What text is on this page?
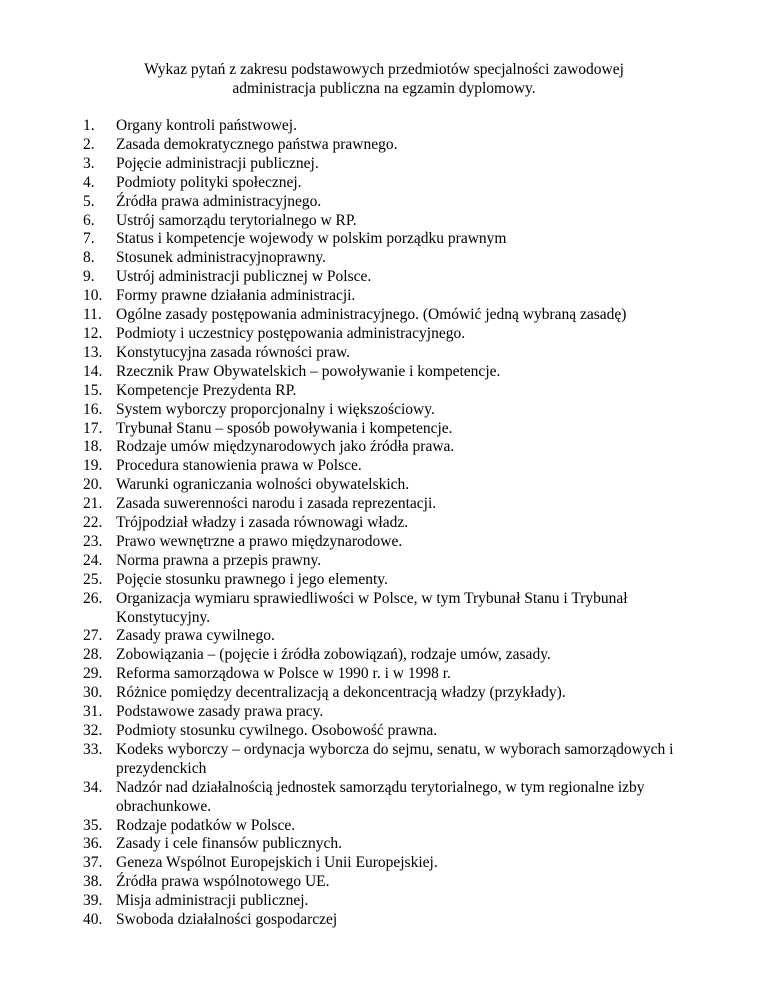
Wykaz pytań z zakresu podstawowych przedmiotów specjalności zawodowej
administracja publiczna na egzamin dyplomowy.
1.	Organy kontroli państwowej.
2.	Zasada demokratycznego państwa prawnego.
3.	Pojęcie administracji publicznej.
4.	Podmioty polityki społecznej.
5.	Źródła prawa administracyjnego.
6.	Ustrój samorządu terytorialnego w RP.
7.	Status i kompetencje wojewody w polskim porządku prawnym
8.	Stosunek administracyjnoprawny.
9.	Ustrój administracji publicznej w Polsce.
10. Formy prawne działania administracji.
11. Ogólne zasady postępowania administracyjnego. (Omówić jedną wybraną zasadę)
12. Podmioty i uczestnicy postępowania administracyjnego.
13. Konstytucyjna zasada równości praw.
14. Rzecznik Praw Obywatelskich – powoływanie i kompetencje.
15. Kompetencje Prezydenta RP.
16. System wyborczy proporcjonalny i większościowy.
17. Trybunał Stanu – sposób powoływania i kompetencje.
18. Rodzaje umów międzynarodowych jako źródła prawa.
19. Procedura stanowienia prawa w Polsce.
20. Warunki ograniczania wolności obywatelskich.
21. Zasada suwerenności narodu i zasada reprezentacji.
22. Trójpodział władzy i zasada równowagi władz.
23. Prawo wewnętrzne a prawo międzynarodowe.
24. Norma prawna a przepis prawny.
25. Pojęcie stosunku prawnego i jego elementy.
26. Organizacja wymiaru sprawiedliwości w Polsce, w tym Trybunał Stanu i Trybunał Konstytucyjny.
27. Zasady prawa cywilnego.
28. Zobowiązania – (pojęcie i źródła zobowiązań), rodzaje umów, zasady.
29. Reforma samorządowa w Polsce w 1990 r. i w 1998 r.
30. Różnice pomiędzy decentralizacją a dekoncentracją władzy (przykłady).
31. Podstawowe zasady prawa pracy.
32. Podmioty stosunku cywilnego. Osobowość prawna.
33. Kodeks wyborczy – ordynacja wyborcza do sejmu, senatu, w wyborach samorządowych i prezydenckich
34. Nadzór nad działalnością jednostek samorządu terytorialnego, w tym regionalne izby obrachunkowe.
35. Rodzaje podatków w Polsce.
36. Zasady i cele finansów publicznych.
37. Geneza Wspólnot Europejskich i Unii Europejskiej.
38. Źródła prawa wspólnotowego UE.
39. Misja administracji publicznej.
40. Swoboda działalności gospodarczej
